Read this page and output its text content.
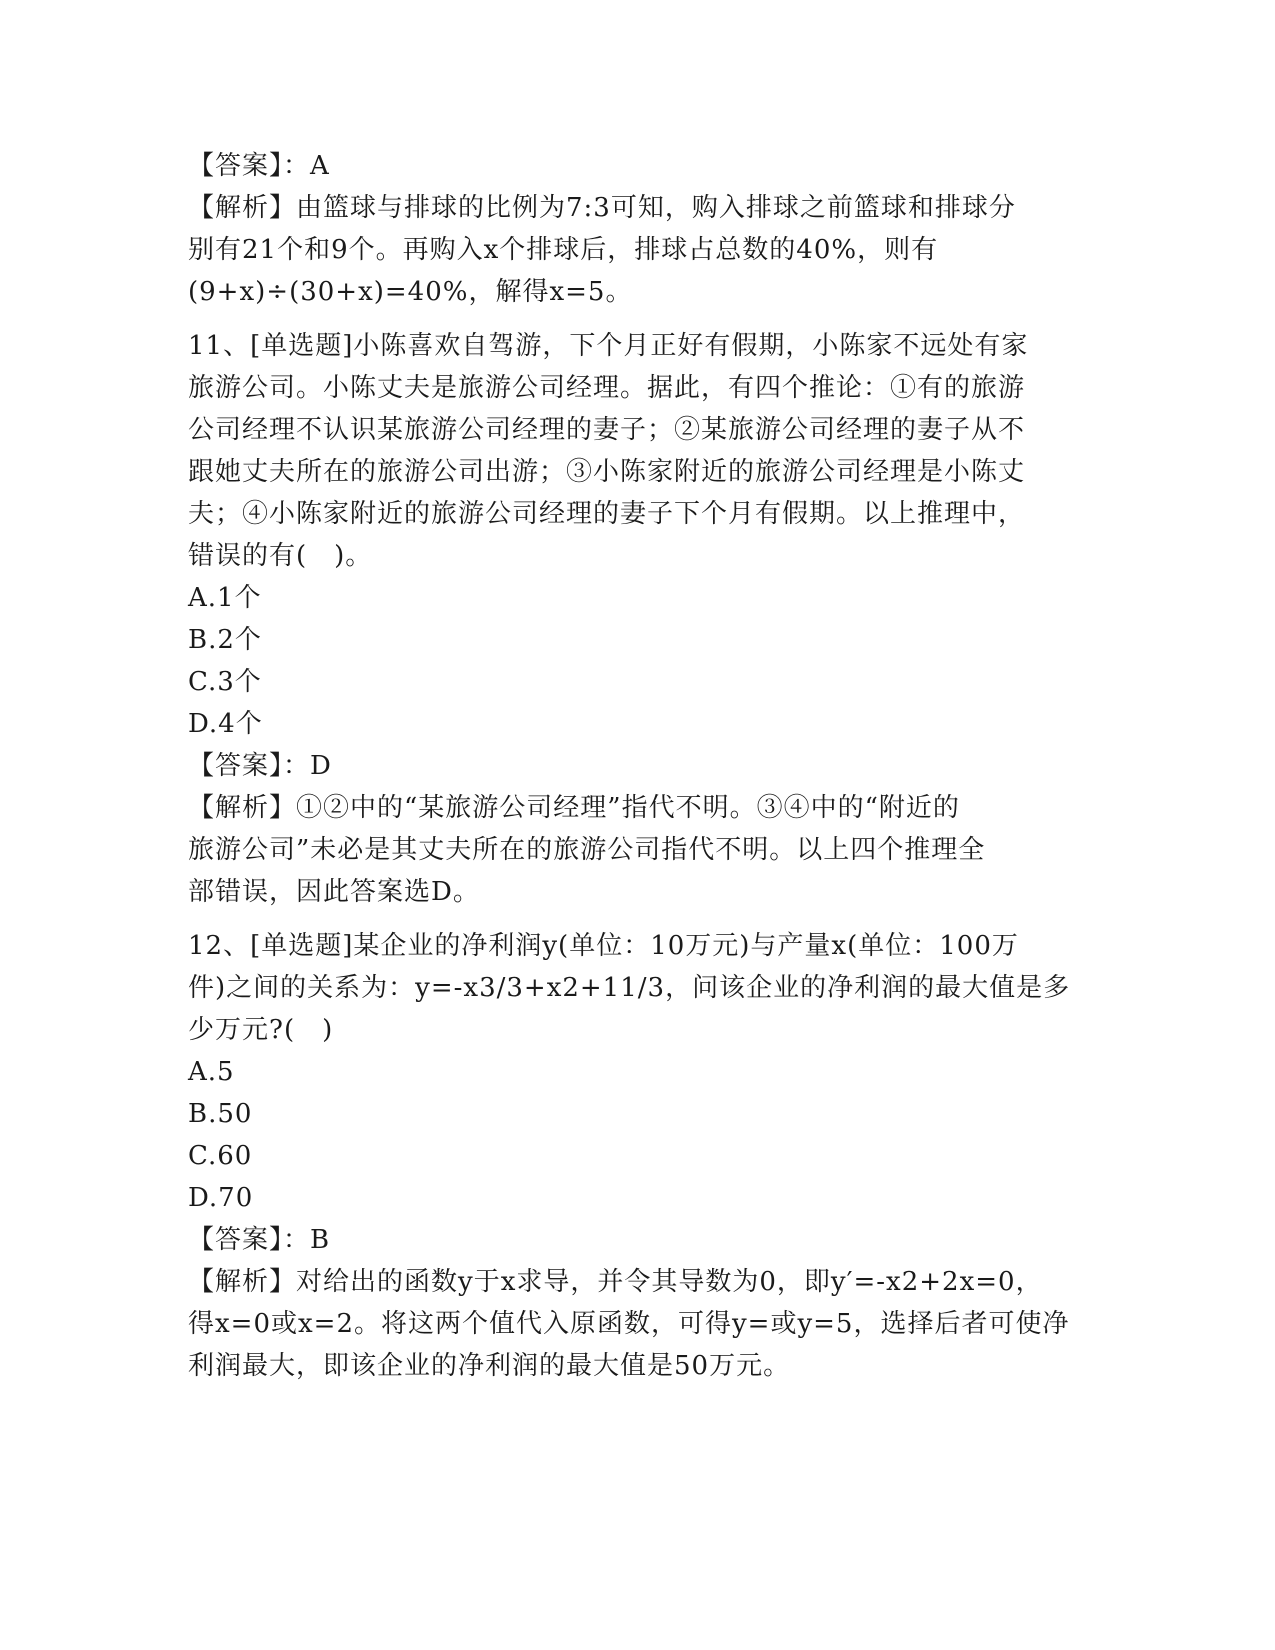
【答案】：A
【解析】由篮球与排球的比例为7:3可知，购入排球之前篮球和排球分
别有21个和9个。再购入x个排球后，排球占总数的40%，则有
(9+x)÷(30+x)=40%，解得x=5。
11、[单选题]小陈喜欢自驾游，下个月正好有假期，小陈家不远处有家
旅游公司。小陈丈夫是旅游公司经理。据此，有四个推论：①有的旅游
公司经理不认识某旅游公司经理的妻子；②某旅游公司经理的妻子从不
跟她丈夫所在的旅游公司出游；③小陈家附近的旅游公司经理是小陈丈
夫；④小陈家附近的旅游公司经理的妻子下个月有假期。以上推理中，
错误的有(　)。
A.1个
B.2个
C.3个
D.4个
【答案】：D
【解析】①②中的“某旅游公司经理”指代不明。③④中的“附近的
旅游公司”未必是其丈夫所在的旅游公司指代不明。以上四个推理全
部错误，因此答案选D。
12、[单选题]某企业的净利润y(单位：10万元)与产量x(单位：100万
件)之间的关系为：y=-x3/3+x2+11/3，问该企业的净利润的最大值是多
少万元?(　)
A.5
B.50
C.60
D.70
【答案】：B
【解析】对给出的函数y于x求导，并令其导数为0，即y′=-x2+2x=0，
得x=0或x=2。将这两个值代入原函数，可得y=或y=5，选择后者可使净
利润最大，即该企业的净利润的最大值是50万元。
